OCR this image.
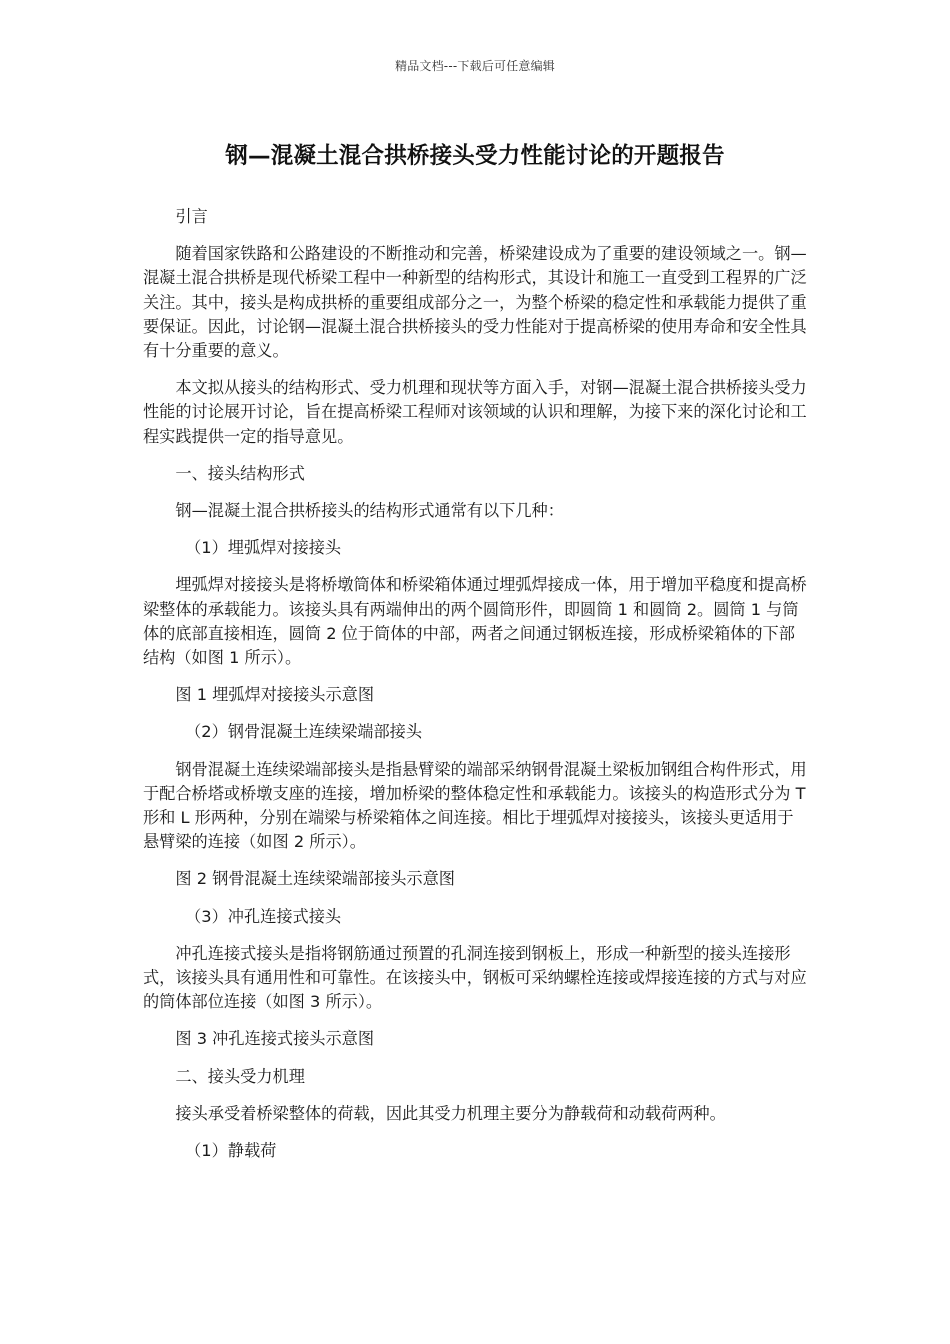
精品文档---下载后可任意编辑
钢—混凝土混合拱桥接头受力性能讨论的开题报告

引言

随着国家铁路和公路建设的不断推动和完善，桥梁建设成为了重要的建设领域之一。钢—混凝土混合拱桥是现代桥梁工程中一种新型的结构形式，其设计和施工一直受到工程界的广泛关注。其中，接头是构成拱桥的重要组成部分之一，为整个桥梁的稳定性和承载能力提供了重要保证。因此，讨论钢—混凝土混合拱桥接头的受力性能对于提高桥梁的使用寿命和安全性具有十分重要的意义。

本文拟从接头的结构形式、受力机理和现状等方面入手，对钢—混凝土混合拱桥接头受力性能的讨论展开讨论，旨在提高桥梁工程师对该领域的认识和理解，为接下来的深化讨论和工程实践提供一定的指导意见。

一、接头结构形式

钢—混凝土混合拱桥接头的结构形式通常有以下几种：

（1）埋弧焊对接接头

埋弧焊对接接头是将桥墩筒体和桥梁箱体通过埋弧焊接成一体，用于增加平稳度和提高桥梁整体的承载能力。该接头具有两端伸出的两个圆筒形件，即圆筒 1 和圆筒 2。圆筒 1 与筒体的底部直接相连，圆筒 2 位于筒体的中部，两者之间通过钢板连接，形成桥梁箱体的下部结构（如图 1 所示）。

图 1 埋弧焊对接接头示意图

（2）钢骨混凝土连续梁端部接头

钢骨混凝土连续梁端部接头是指悬臂梁的端部采纳钢骨混凝土梁板加钢组合构件形式，用于配合桥塔或桥墩支座的连接，增加桥梁的整体稳定性和承载能力。该接头的构造形式分为 T 形和 L 形两种，分别在端梁与桥梁箱体之间连接。相比于埋弧焊对接接头，该接头更适用于悬臂梁的连接（如图 2 所示）。

图 2 钢骨混凝土连续梁端部接头示意图

（3）冲孔连接式接头

冲孔连接式接头是指将钢筋通过预置的孔洞连接到钢板上，形成一种新型的接头连接形式，该接头具有通用性和可靠性。在该接头中，钢板可采纳螺栓连接或焊接连接的方式与对应的筒体部位连接（如图 3 所示）。

图 3 冲孔连接式接头示意图

二、接头受力机理

接头承受着桥梁整体的荷载，因此其受力机理主要分为静载荷和动载荷两种。

（1）静载荷
